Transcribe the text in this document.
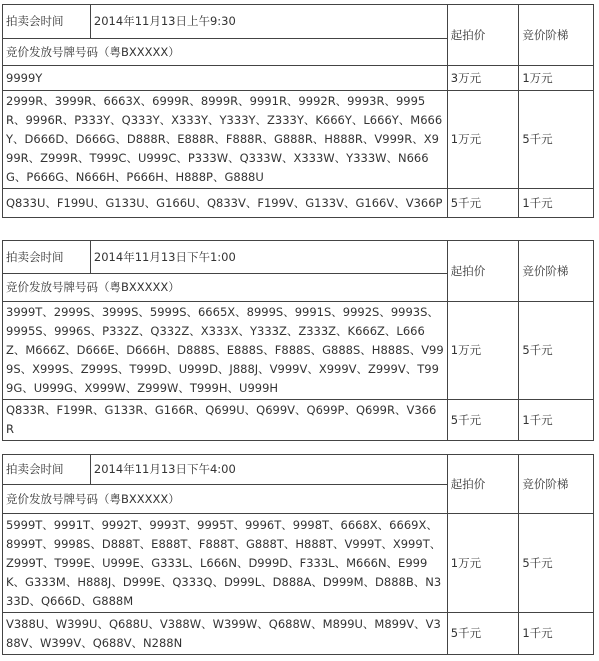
拍卖会时间	2014年11月13日上午9:30	起拍价	竞价阶梯
竞价发放号牌号码（粤BXXXXX）			
9999Y		3万元	1万元
2999R、3999R、6663X、6999R、8999R、9991R、9992R、9993R、9995R、9996R、P333Y、Q333Y、X333Y、Y333Y、Z333Y、K666Y、L666Y、M666Y、D666D、D666G、D888R、E888R、F888R、G888R、H888R、V999R、X999R、Z999R、T999C、U999C、P333W、Q333W、X333W、Y333W、N666G、P666G、N666H、P666H、H888P、G888U		1万元	5千元
Q833U、F199U、G133U、G166U、Q833V、F199V、G133V、G166V、V366P		5千元	1千元
拍卖会时间	2014年11月13日下午1:00	起拍价	竞价阶梯
竞价发放号牌号码（粤BXXXXX）			
3999T、2999S、3999S、5999S、6665X、8999S、9991S、9992S、9993S、9995S、9996S、P332Z、Q332Z、X333X、Y333Z、Z333Z、K666Z、L666Z、M666Z、D666E、D666H、D888S、E888S、F888S、G888S、H888S、V999S、X999S、Z999S、T999D、U999D、J888J、V999V、X999V、Z999V、T999G、U999G、X999W、Z999W、T999H、U999H		1万元	5千元
Q833R、F199R、G133R、G166R、Q699U、Q699V、Q699P、Q699R、V366R		5千元	1千元
拍卖会时间	2014年11月13日下午4:00	起拍价	竞价阶梯
竞价发放号牌号码（粤BXXXXX）			
5999T、9991T、9992T、9993T、9995T、9996T、9998T、6668X、6669X、8999T、9998S、D888T、E888T、F888T、G888T、H888T、V999T、X999T、Z999T、T999E、U999E、G333L、L666N、D999D、F333L、M666N、E999K、G333M、H888J、D999E、Q333Q、D999L、D888A、D999M、D888B、N333D、Q666D、G888M		1万元	5千元
V388U、W399U、Q688U、V388W、W399W、Q688W、M899U、M899V、V388V、W399V、Q688V、N288N		5千元	1千元
